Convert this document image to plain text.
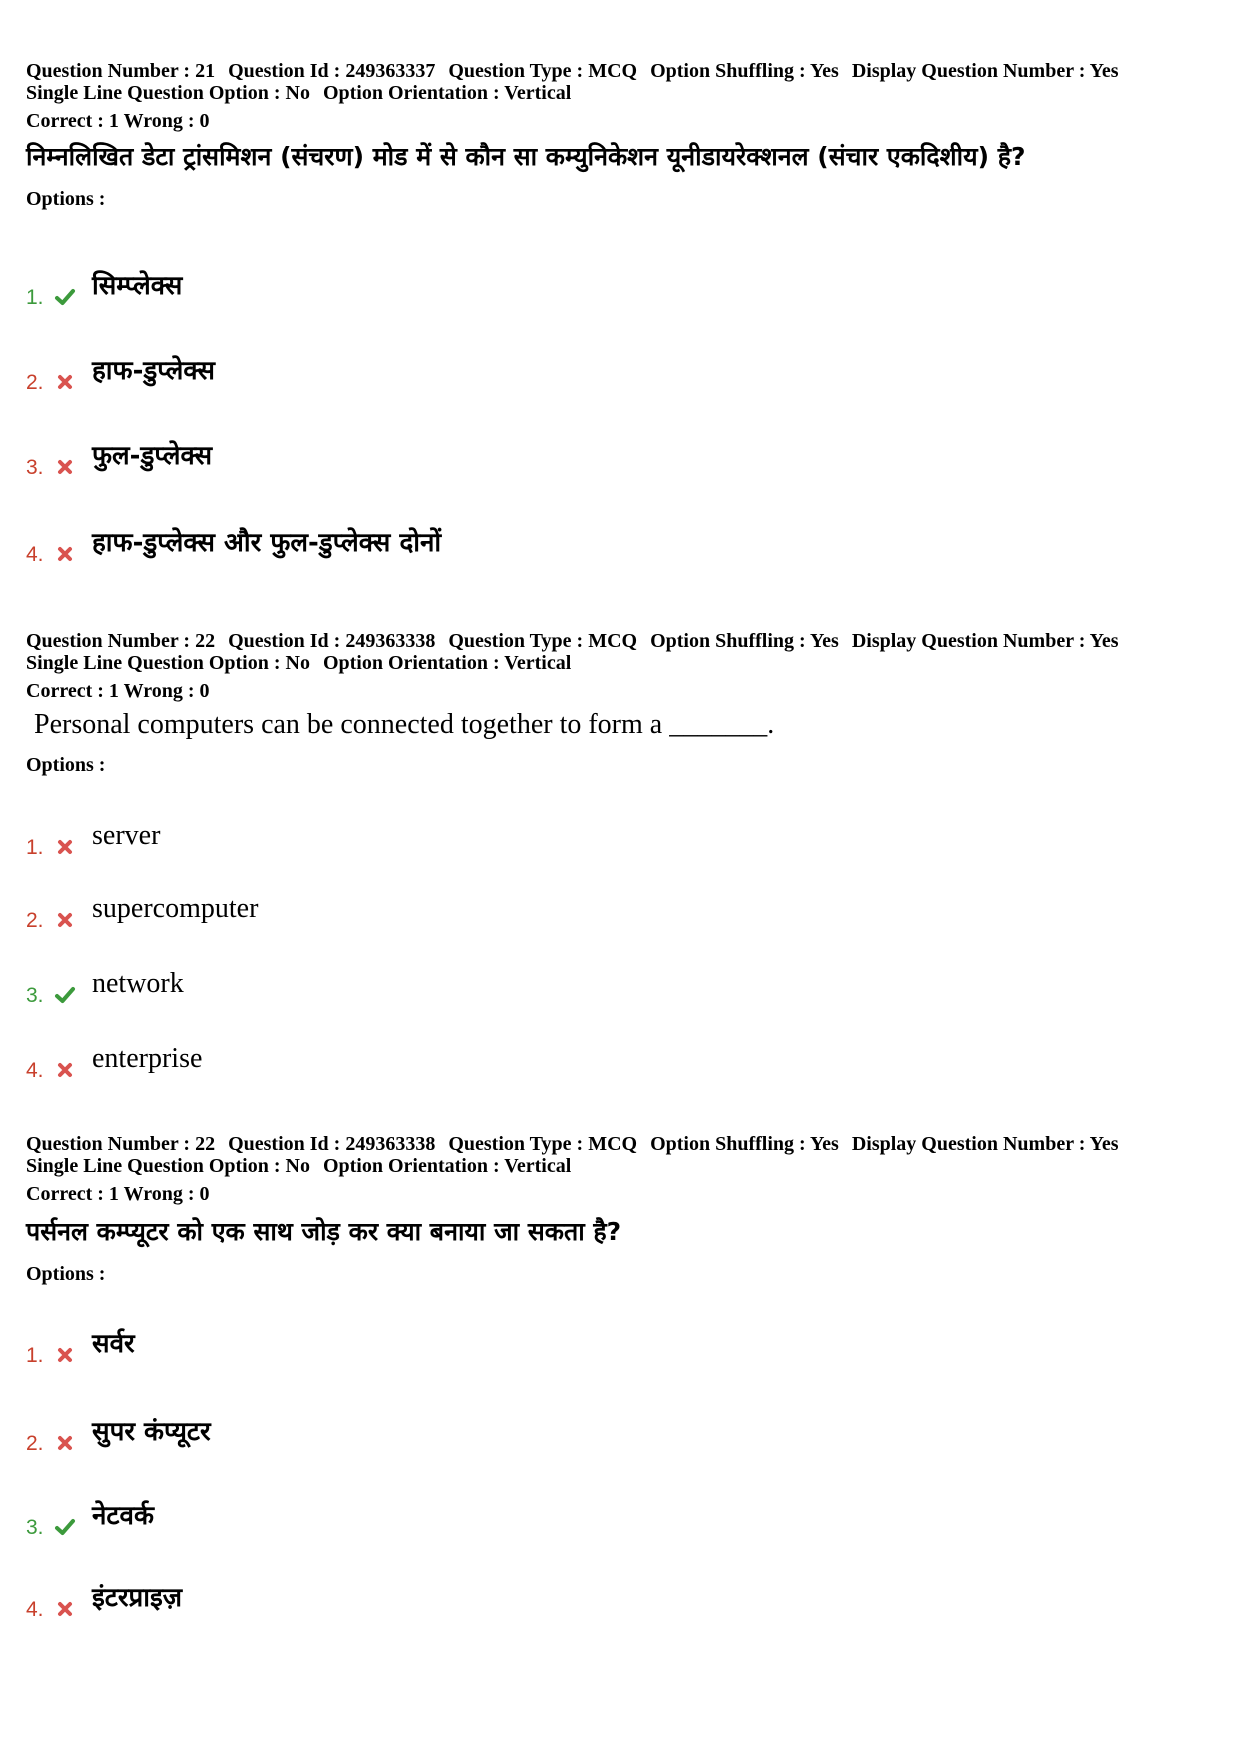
Question Number : 21 Question Id : 249363337 Question Type : MCQ Option Shuffling : Yes Display Question Number : Yes
Single Line Question Option : No Option Orientation : Vertical
Correct : 1 Wrong : 0
निम्नलिखित डेटा ट्रांसमिशन (संचरण) मोड में से कौन सा कम्युनिकेशन यूनीडायरेक्शनल (संचार एकदिशीय) है?
Options :
1. सिम्प्लेक्स
2. हाफ-डुप्लेक्स
3. फुल-डुप्लेक्स
4. हाफ-डुप्लेक्स और फुल-डुप्लेक्स दोनों
Question Number : 22 Question Id : 249363338 Question Type : MCQ Option Shuffling : Yes Display Question Number : Yes
Single Line Question Option : No Option Orientation : Vertical
Correct : 1 Wrong : 0
Personal computers can be connected together to form a _______.
Options :
1. server
2. supercomputer
3. network
4. enterprise
Question Number : 22 Question Id : 249363338 Question Type : MCQ Option Shuffling : Yes Display Question Number : Yes
Single Line Question Option : No Option Orientation : Vertical
Correct : 1 Wrong : 0
पर्सनल कम्प्यूटर को एक साथ जोड़ कर क्या बनाया जा सकता है?
Options :
1. सर्वर
2. सुपर कंप्यूटर
3. नेटवर्क
4. इंटरप्राइज़
